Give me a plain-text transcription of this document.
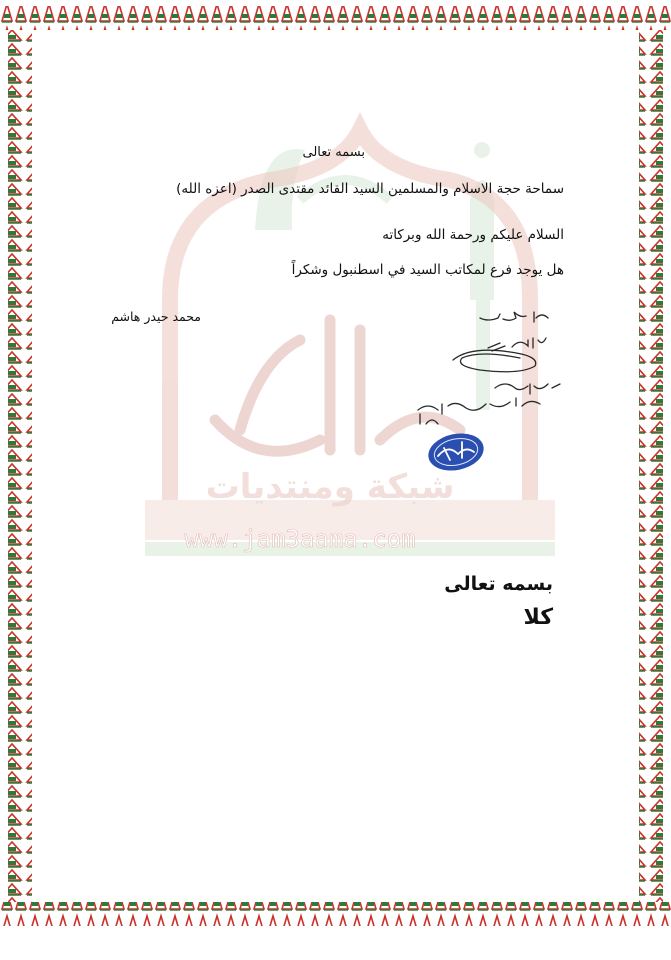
شبكة ومنتديات
www.jam3aama.com
بسمه تعالى
سماحة حجة الاسلام والمسلمين السيد القائد مقتدى الصدر (اعزه الله)
السلام عليكم ورحمة الله وبركاته
هل يوجد فرع لمكاتب السيد في اسطنبول وشكراً
محمد حيدر هاشم
٢٢ شعبان المعظم ١٤٣٦
بسمه تعالى
كلا
